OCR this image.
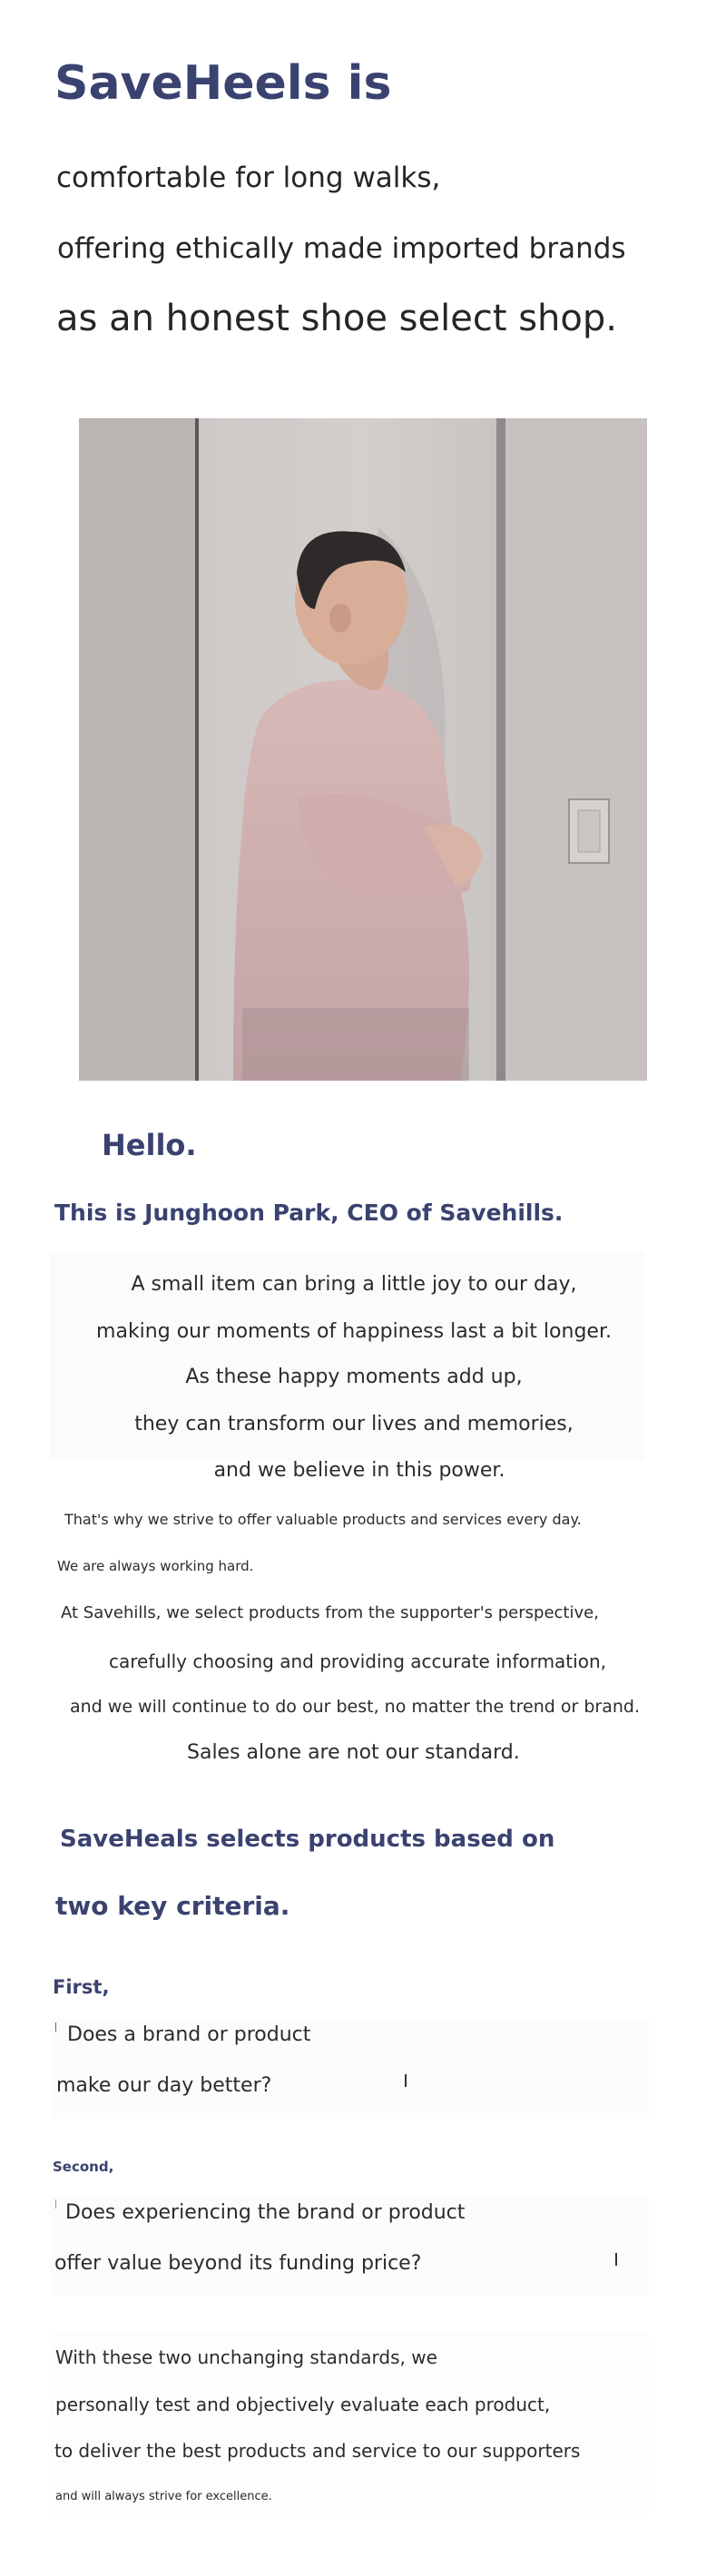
SaveHeels is
comfortable for long walks,
offering ethically made imported brands
as an honest shoe select shop.
Hello.
This is Junghoon Park, CEO of Savehills.
A small item can bring a little joy to our day,
making our moments of happiness last a bit longer.
As these happy moments add up,
they can transform our lives and memories,
and we believe in this power.
That's why we strive to offer valuable products and services every day.
We are always working hard.
At Savehills, we select products from the supporter's perspective,
carefully choosing and providing accurate information,
and we will continue to do our best, no matter the trend or brand.
Sales alone are not our standard.
SaveHeals selects products based on
two key criteria.
First,
Does a brand or product
make our day better?
Second,
Does experiencing the brand or product
offer value beyond its funding price?
With these two unchanging standards, we
personally test and objectively evaluate each product,
to deliver the best products and service to our supporters
and will always strive for excellence.
